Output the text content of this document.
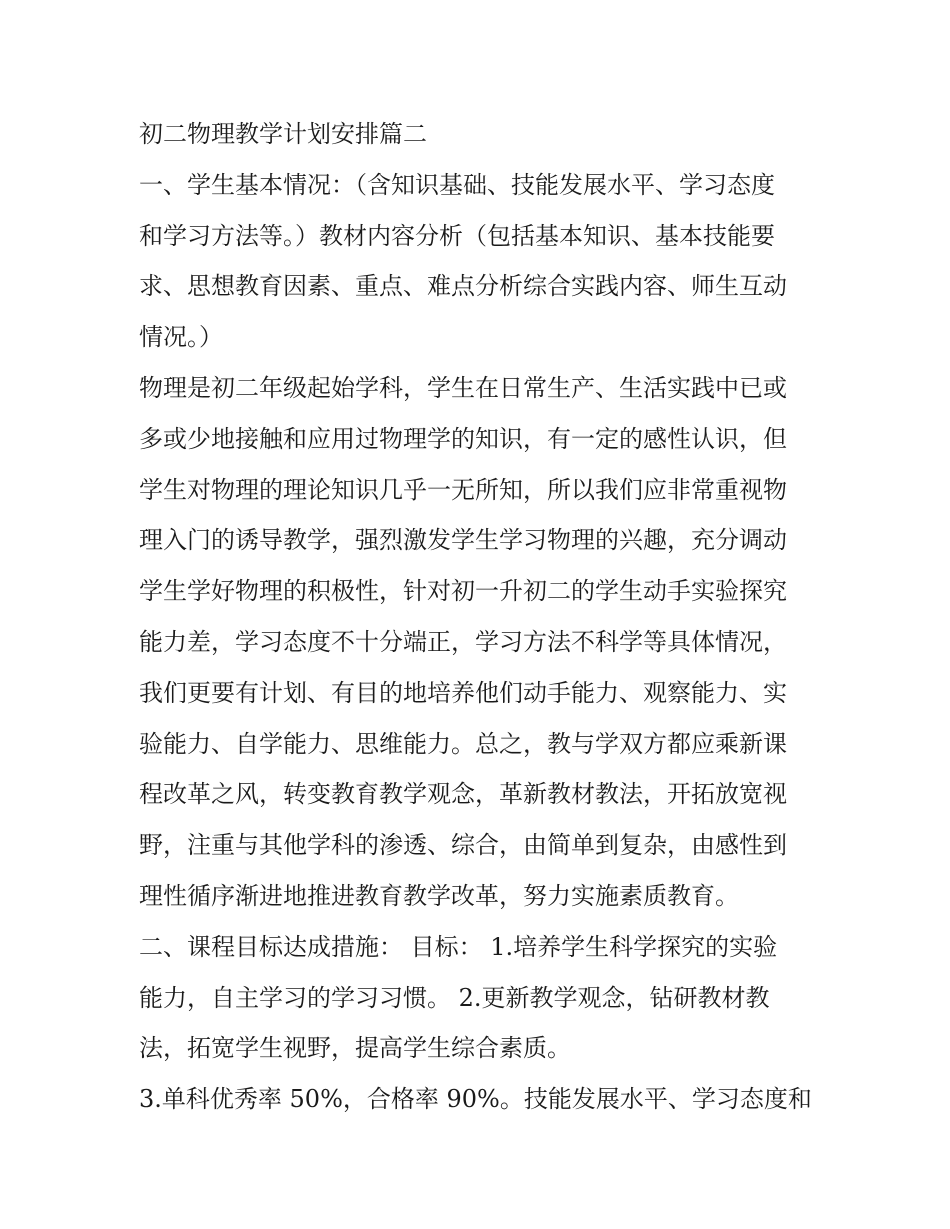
初二物理教学计划安排篇二
一、学生基本情况：（含知识基础、技能发展水平、学习态度
和学习方法等。）教材内容分析（包括基本知识、基本技能要
求、思想教育因素、重点、难点分析综合实践内容、师生互动
情况。）
物理是初二年级起始学科，学生在日常生产、生活实践中已或
多或少地接触和应用过物理学的知识，有一定的感性认识，但
学生对物理的理论知识几乎一无所知，所以我们应非常重视物
理入门的诱导教学，强烈激发学生学习物理的兴趣，充分调动
学生学好物理的积极性，针对初一升初二的学生动手实验探究
能力差，学习态度不十分端正，学习方法不科学等具体情况，
我们更要有计划、有目的地培养他们动手能力、观察能力、实
验能力、自学能力、思维能力。总之，教与学双方都应乘新课
程改革之风，转变教育教学观念，革新教材教法，开拓放宽视
野，注重与其他学科的渗透、综合，由简单到复杂，由感性到
理性循序渐进地推进教育教学改革，努力实施素质教育。
二、课程目标达成措施： 目标： 1.培养学生科学探究的实验
能力，自主学习的学习习惯。 2.更新教学观念，钻研教材教
法，拓宽学生视野，提高学生综合素质。
3.单科优秀率 50%，合格率 90%。技能发展水平、学习态度和
